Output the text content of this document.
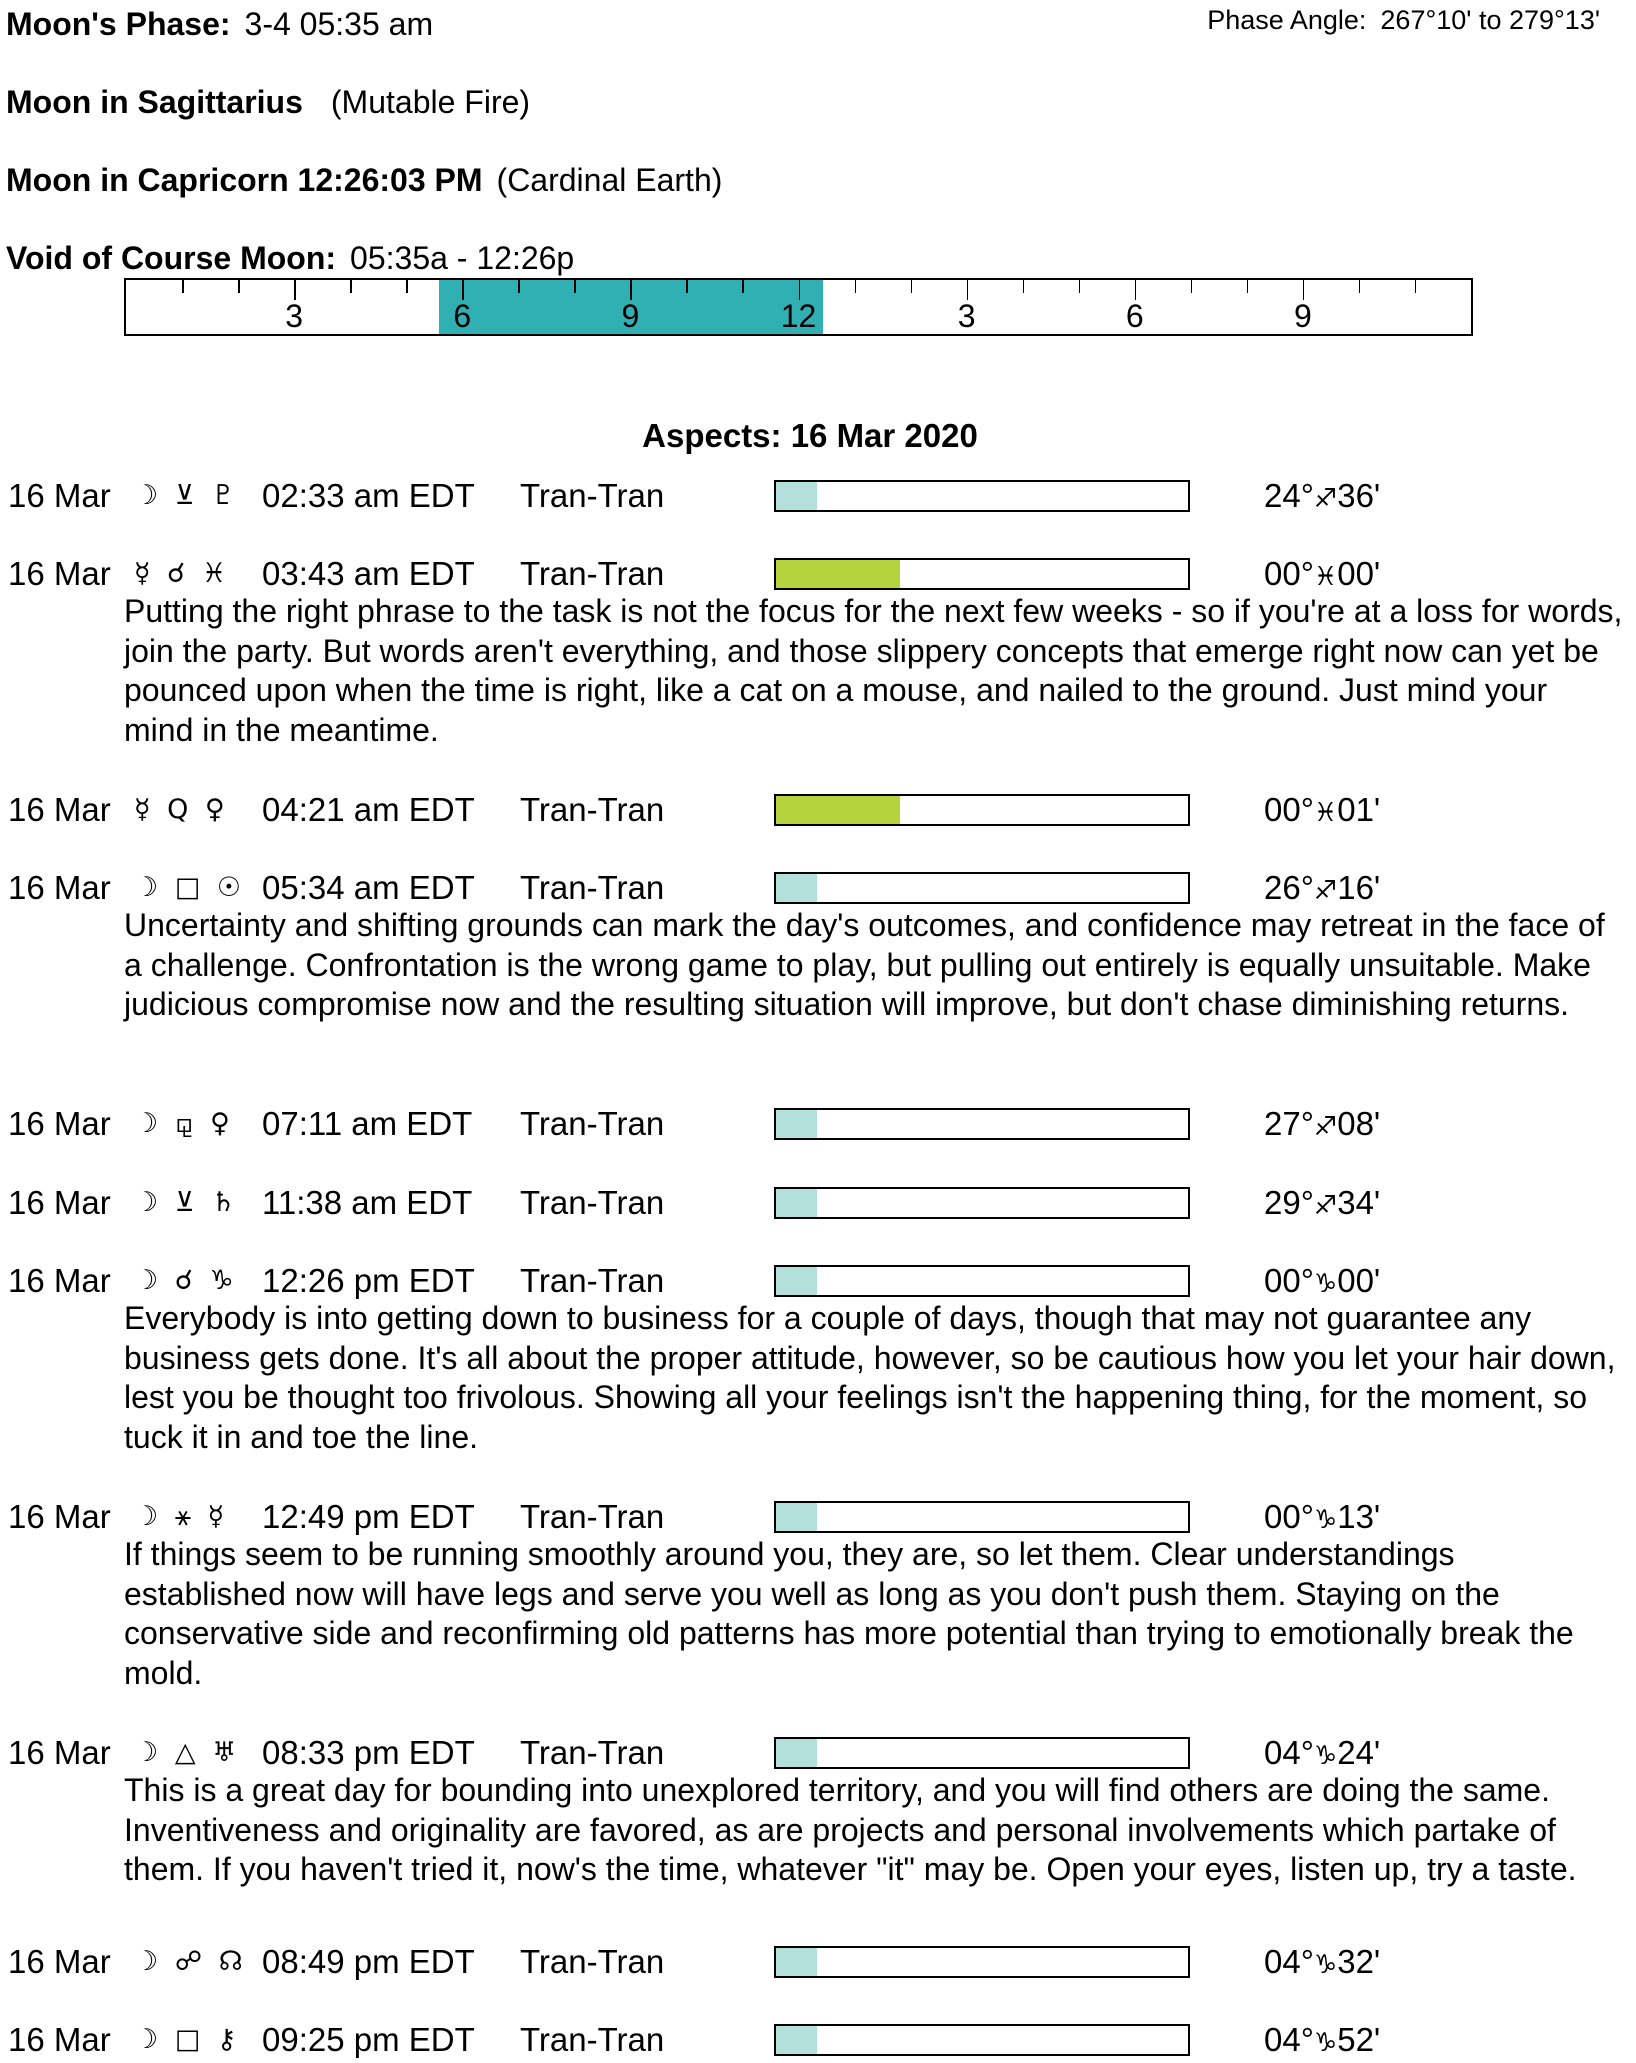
Moon's Phase: 3-4 05:35 am	Phase Angle: 267°10' to 279°13'
Moon in Sagittarius (Mutable Fire)
Moon in Capricorn 12:26:03 PM (Cardinal Earth)
Void of Course Moon: 05:35a - 12:26p
3	6	9	12	3	6	9
Aspects: 16 Mar 2020
16 Mar ☽ ⊻ ♇ 02:33 am EDT Tran-Tran	24°♐36'
16 Mar ☿ ☌ ♓ 03:43 am EDT Tran-Tran	00°♓00'
Putting the right phrase to the task is not the focus for the next few weeks - so if you're at a loss for words, join the party. But words aren't everything, and those slippery concepts that emerge right now can yet be pounced upon when the time is right, like a cat on a mouse, and nailed to the ground. Just mind your mind in the meantime.
16 Mar ☿ Q ♀ 04:21 am EDT Tran-Tran	00°♓01'
16 Mar ☽ □ ☉ 05:34 am EDT Tran-Tran	26°♐16'
Uncertainty and shifting grounds can mark the day's outcomes, and confidence may retreat in the face of a challenge. Confrontation is the wrong game to play, but pulling out entirely is equally unsuitable. Make judicious compromise now and the resulting situation will improve, but don't chase diminishing returns.
16 Mar ☽ ⚼ ♀ 07:11 am EDT Tran-Tran	27°♐08'
16 Mar ☽ ⊻ ♄ 11:38 am EDT Tran-Tran	29°♐34'
16 Mar ☽ ☌ ♑ 12:26 pm EDT Tran-Tran	00°♑00'
Everybody is into getting down to business for a couple of days, though that may not guarantee any business gets done. It's all about the proper attitude, however, so be cautious how you let your hair down, lest you be thought too frivolous. Showing all your feelings isn't the happening thing, for the moment, so tuck it in and toe the line.
16 Mar ☽ ⚹ ☿ 12:49 pm EDT Tran-Tran	00°♑13'
If things seem to be running smoothly around you, they are, so let them. Clear understandings established now will have legs and serve you well as long as you don't push them. Staying on the conservative side and reconfirming old patterns has more potential than trying to emotionally break the mold.
16 Mar ☽ △ ♅ 08:33 pm EDT Tran-Tran	04°♑24'
This is a great day for bounding into unexplored territory, and you will find others are doing the same. Inventiveness and originality are favored, as are projects and personal involvements which partake of them. If you haven't tried it, now's the time, whatever "it" may be. Open your eyes, listen up, try a taste.
16 Mar ☽ ☍ ☊ 08:49 pm EDT Tran-Tran	04°♑32'
16 Mar ☽ □ ⚷ 09:25 pm EDT Tran-Tran	04°♑52'
